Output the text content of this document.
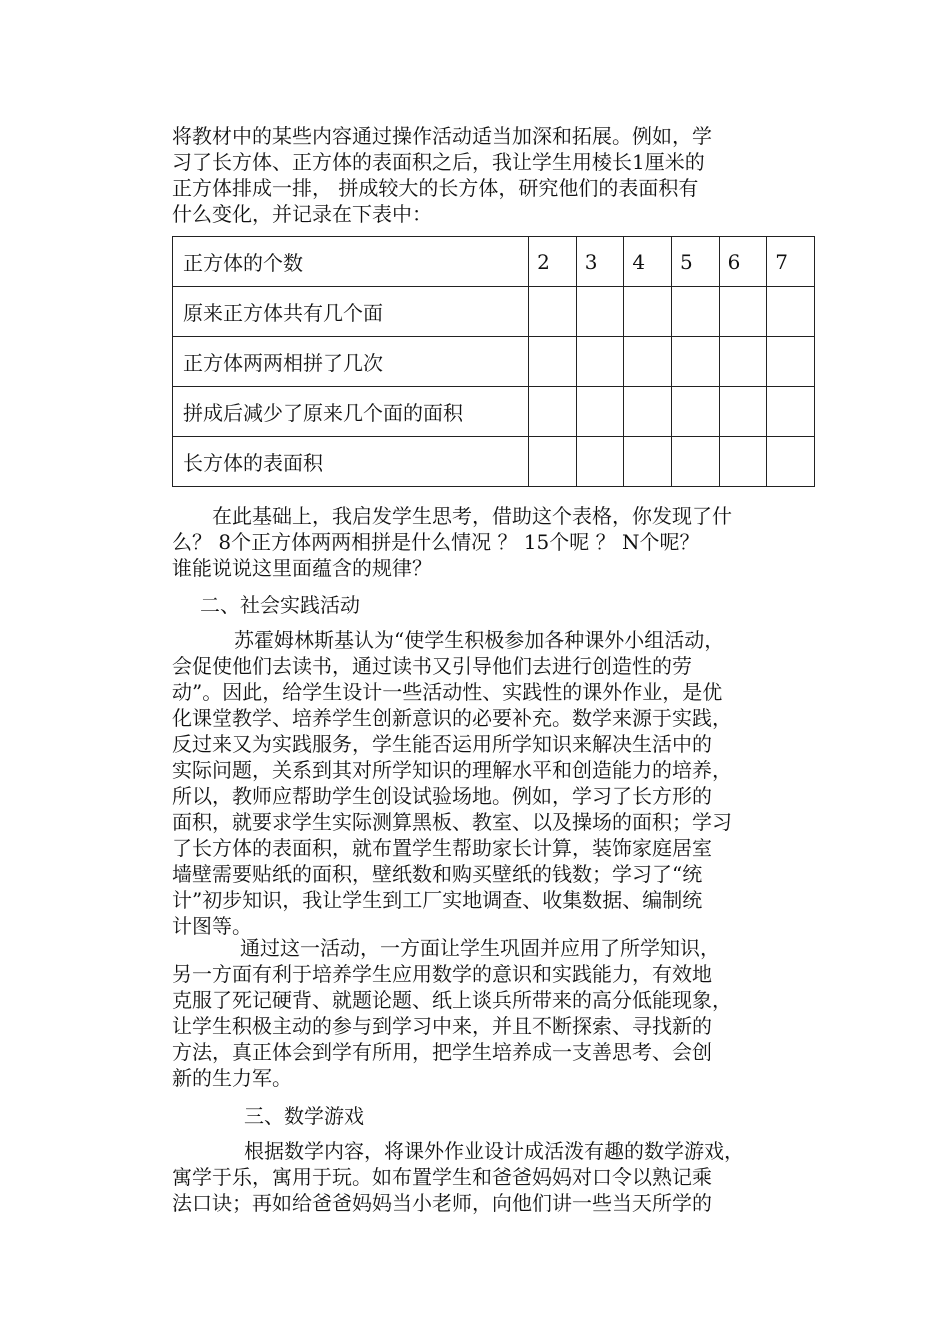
将教材中的某些内容通过操作活动适当加深和拓展。例如，学
习了长方体、正方体的表面积之后，我让学生用棱长1厘米的
正方体排成一排， 拼成较大的长方体，研究他们的表面积有
什么变化，并记录在下表中：
正方体的个数	2	3	4	5	6	7
原来正方体共有几个面						
正方体两两相拼了几次						
拼成后减少了原来几个面的面积						
长方体的表面积						
在此基础上，我启发学生思考，借助这个表格，你发现了什
么？ 8个正方体两两相拼是什么情况 ？ 15个呢 ？ N个呢？
谁能说说这里面蕴含的规律？
二、社会实践活动
苏霍姆林斯基认为“使学生积极参加各种课外小组活动，
会促使他们去读书，通过读书又引导他们去进行创造性的劳
动”。因此，给学生设计一些活动性、实践性的课外作业，是优
化课堂教学、培养学生创新意识的必要补充。数学来源于实践，
反过来又为实践服务，学生能否运用所学知识来解决生活中的
实际问题，关系到其对所学知识的理解水平和创造能力的培养，
所以，教师应帮助学生创设试验场地。例如，学习了长方形的
面积，就要求学生实际测算黑板、教室、以及操场的面积；学习
了长方体的表面积，就布置学生帮助家长计算，装饰家庭居室
墙壁需要贴纸的面积，壁纸数和购买壁纸的钱数；学习了“统
计”初步知识，我让学生到工厂实地调查、收集数据、编制统
计图等。
通过这一活动，一方面让学生巩固并应用了所学知识，
另一方面有利于培养学生应用数学的意识和实践能力，有效地
克服了死记硬背、就题论题、纸上谈兵所带来的高分低能现象，
让学生积极主动的参与到学习中来，并且不断探索、寻找新的
方法，真正体会到学有所用，把学生培养成一支善思考、会创
新的生力军。
三、数学游戏
根据数学内容，将课外作业设计成活泼有趣的数学游戏，
寓学于乐，寓用于玩。如布置学生和爸爸妈妈对口令以熟记乘
法口诀；再如给爸爸妈妈当小老师，向他们讲一些当天所学的
